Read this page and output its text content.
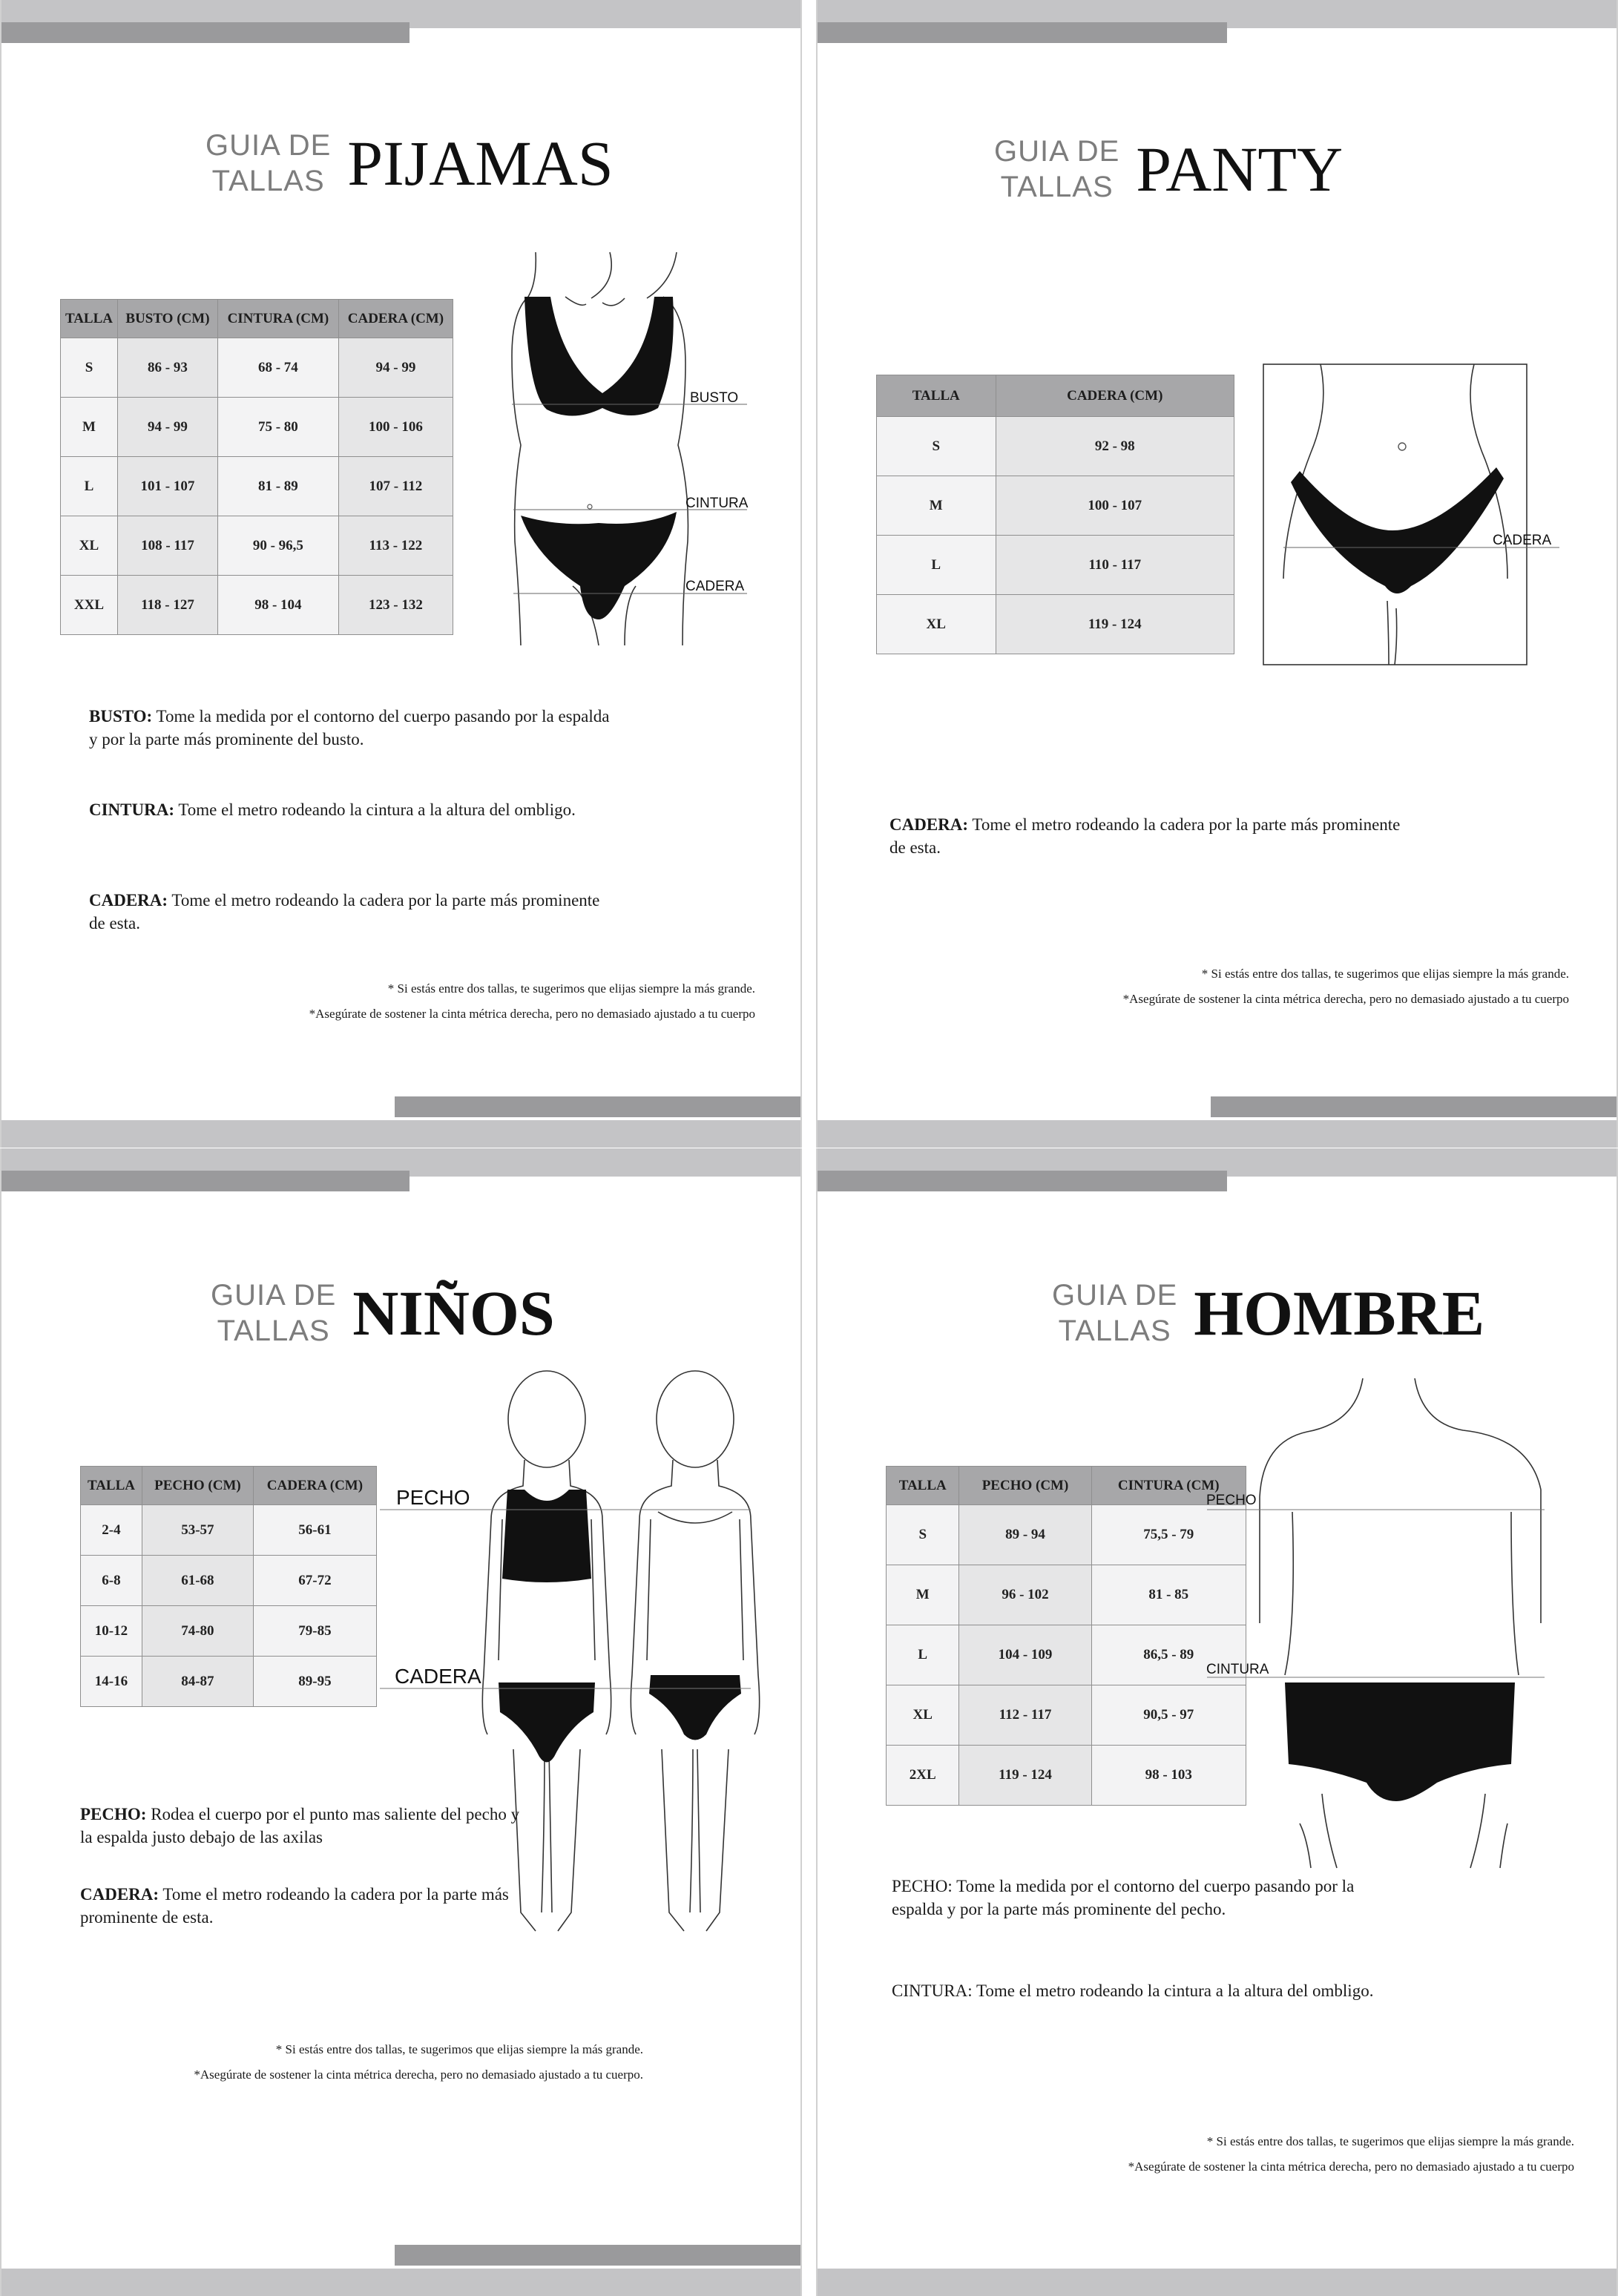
GUIA DE
TALLAS PIJAMAS
TALLA	BUSTO (CM)	CINTURA (CM)	CADERA (CM)
S	86 - 93	68 - 74	94 - 99
M	94 - 99	75 - 80	100 - 106
L	101 - 107	81 - 89	107 - 112
XL	108 - 117	90 - 96,5	113 - 122
XXL	118 - 127	98 - 104	123 - 132
BUSTO
CINTURA
CADERA
BUSTO: Tome la medida por el contorno del cuerpo pasando por la espalda y por la parte más prominente del busto.
CINTURA: Tome el metro rodeando la cintura a la altura del ombligo.
CADERA: Tome el metro rodeando la cadera por la parte más prominente de esta.
* Si estás entre dos tallas, te sugerimos que elijas siempre la más grande.
*Asegúrate de sostener la cinta métrica derecha, pero no demasiado ajustado a tu cuerpo
GUIA DE
TALLAS PANTY
TALLA	CADERA (CM)
S	92 - 98
M	100 - 107
L	110 - 117
XL	119 - 124
CADERA
CADERA: Tome el metro rodeando la cadera por la parte más prominente de esta.
* Si estás entre dos tallas, te sugerimos que elijas siempre la más grande.
*Asegúrate de sostener la cinta métrica derecha, pero no demasiado ajustado a tu cuerpo
GUIA DE
TALLAS NIÑOS
TALLA	PECHO (CM)	CADERA (CM)
2-4	53-57	56-61
6-8	61-68	67-72
10-12	74-80	79-85
14-16	84-87	89-95
PECHO
CADERA
PECHO: Rodea el cuerpo por el punto mas saliente del pecho y la espalda justo debajo de las axilas
CADERA: Tome el metro rodeando la cadera por la parte más prominente de esta.
* Si estás entre dos tallas, te sugerimos que elijas siempre la más grande.
*Asegúrate de sostener la cinta métrica derecha, pero no demasiado ajustado a tu cuerpo.
GUIA DE
TALLAS HOMBRE
TALLA	PECHO (CM)	CINTURA (CM)
S	89 - 94	75,5 - 79
M	96 - 102	81 - 85
L	104 - 109	86,5 - 89
XL	112 - 117	90,5 - 97
2XL	119 - 124	98 - 103
PECHO
CINTURA
PECHO: Tome la medida por el contorno del cuerpo pasando por la espalda y por la parte más prominente del pecho.
CINTURA: Tome el metro rodeando la cintura a la altura del ombligo.
* Si estás entre dos tallas, te sugerimos que elijas siempre la más grande.
*Asegúrate de sostener la cinta métrica derecha, pero no demasiado ajustado a tu cuerpo
